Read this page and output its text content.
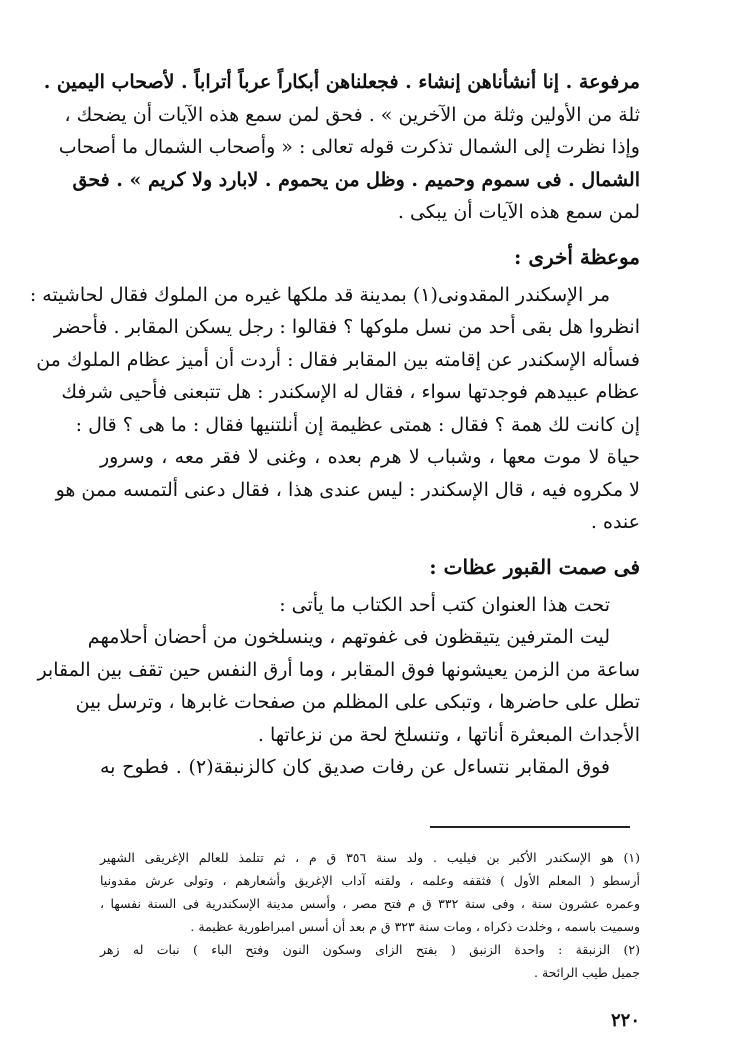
مرفوعة . إنا أنشأناهن إنشاء . فجعلناهن أبكاراً عرباً أتراباً . لأصحاب اليمين .
ثلة من الأولين وثلة من الآخرين » . فحق لمن سمع هذه الآيات أن يضحك ،
وإذا نظرت إلى الشمال تذكرت قوله تعالى : « وأصحاب الشمال ما أصحاب
الشمال . فى سموم وحميم . وظل من يحموم . لابارد ولا كريم » . فحق
لمن سمع هذه الآيات أن يبكى .
موعظة أخرى :
مر الإسكندر المقدونى(١) بمدينة قد ملكها غيره من الملوك فقال لحاشيته :
انظروا هل بقى أحد من نسل ملوكها ؟ فقالوا : رجل يسكن المقابر . فأحضر
فسأله الإسكندر عن إقامته بين المقابر فقال : أردت أن أميز عظام الملوك من
عظام عبيدهم فوجدتها سواء ، فقال له الإسكندر : هل تتبعنى فأحيى شرفك
إن كانت لك همة ؟ فقال : همتى عظيمة إن أنلتنيها فقال : ما هى ؟ قال :
حياة لا موت معها ، وشباب لا هرم بعده ، وغنى لا فقر معه ، وسرور
لا مكروه فيه ، قال الإسكندر : ليس عندى هذا ، فقال دعنى ألتمسه ممن هو
عنده .
فى صمت القبور عظات :
تحت هذا العنوان كتب أحد الكتاب ما يأتى :
ليت المترفين يتيقظون فى غفوتهم ، وينسلخون من أحضان أحلامهم
ساعة من الزمن يعيشونها فوق المقابر ، وما أرق النفس حين تقف بين المقابر
تطل على حاضرها ، وتبكى على المظلم من صفحات غابرها ، وترسل بين
الأجداث المبعثرة أناتها ، وتنسلخ لحة من نزعاتها .
فوق المقابر نتساءل عن رفات صديق كان كالزنبقة(٢) . فطوح به
(١) هو الإسكندر الأكبر بن فيليب . ولد سنة ٣٥٦ ق م ، ثم تتلمذ للعالم الإغريقى الشهير
أرسطو ( المعلم الأول ) فثقفه وعلمه ، ولقنه آداب الإغريق وأشعارهم ، وتولى عرش مقدونيا
وعمره عشرون سنة ، وفى سنة ٣٣٢ ق م فتح مصر ، وأسس مدينة الإسكندرية فى السنة نفسها ،
وسميت باسمه ، وخلدت ذكراه ، ومات سنة ٣٢٣ ق م بعد أن أسس امبراطورية عظيمة .
(٢) الزنبقة : واحدة الزنبق ( بفتح الزاى وسكون النون وفتح الباء ) نبات له زهر
جميل طيب الرائحة .
٢٢٠
